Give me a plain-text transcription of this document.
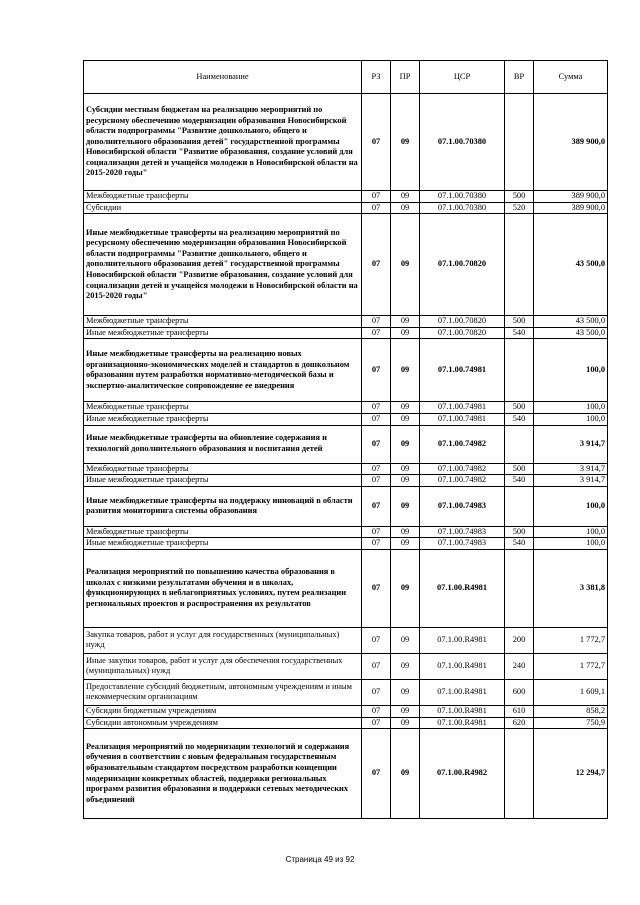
Наименование	РЗ	ПР	ЦСР	ВР	Сумма
Субсидии местным бюджетам на реализацию мероприятий по ресурсному обеспечению модернизации образования Новосибирской области подпрограммы "Развитие дошкольного, общего и дополнительного образования детей" государственной программы Новосибирской области "Развитие образования, создание условий для социализации детей и учащейся молодежи в Новосибирской области на 2015-2020 годы"	07	09	07.1.00.70380		389 900,0
Межбюджетные трансферты	07	09	07.1.00.70380	500	389 900,0
Субсидии	07	09	07.1.00.70380	520	389 900,0
Иные межбюджетные трансферты на реализацию мероприятий по ресурсному обеспечению модернизации образования Новосибирской области подпрограммы "Развитие дошкольного, общего и дополнительного образования детей" государственной программы Новосибирской области "Развитие образования, создание условий для социализации детей и учащейся молодежи в Новосибирской области на 2015-2020 годы"	07	09	07.1.00.70820		43 500,0
Межбюджетные трансферты	07	09	07.1.00.70820	500	43 500,0
Иные межбюджетные трансферты	07	09	07.1.00.70820	540	43 500,0
Иные межбюджетные трансферты на реализацию новых организационно-экономических моделей и стандартов в дошкольном образовании путем разработки нормативно-методической базы и экспертно-аналитическое сопровождение ее внедрения	07	09	07.1.00.74981		100,0
Межбюджетные трансферты	07	09	07.1.00.74981	500	100,0
Иные межбюджетные трансферты	07	09	07.1.00.74981	540	100,0
Иные межбюджетные трансферты на обновление содержания и технологий дополнительного образования и воспитания детей	07	09	07.1.00.74982		3 914,7
Межбюджетные трансферты	07	09	07.1.00.74982	500	3 914,7
Иные межбюджетные трансферты	07	09	07.1.00.74982	540	3 914,7
Иные межбюджетные трансферты на поддержку инноваций в области развития мониторинга системы образования	07	09	07.1.00.74983		100,0
Межбюджетные трансферты	07	09	07.1.00.74983	500	100,0
Иные межбюджетные трансферты	07	09	07.1.00.74983	540	100,0
Реализация мероприятий по повышению качества образования в школах с низкими результатами обучения и в школах, функционирующих в неблагоприятных условиях, путем реализации региональных проектов и распространения их результатов	07	09	07.1.00.R4981		3 381,8
Закупка товаров, работ и услуг для государственных (муниципальных) нужд	07	09	07.1.00.R4981	200	1 772,7
Иные закупки товаров, работ и услуг для обеспечения государственных (муниципальных) нужд	07	09	07.1.00.R4981	240	1 772,7
Предоставление субсидий бюджетным, автономным учреждениям и иным некоммерческим организациям	07	09	07.1.00.R4981	600	1 609,1
Субсидии бюджетным учреждениям	07	09	07.1.00.R4981	610	858,2
Субсидии автономным учреждениям	07	09	07.1.00.R4981	620	750,9
Реализация мероприятий по модернизации технологий и содержания обучения в соответствии с новым федеральным государственным образовательным стандартом посредством разработки концепции модернизации конкретных областей, поддержки региональных программ развития образования и поддержки сетевых методических объединений	07	09	07.1.00.R4982		12 294,7
Страница 49 из 92
